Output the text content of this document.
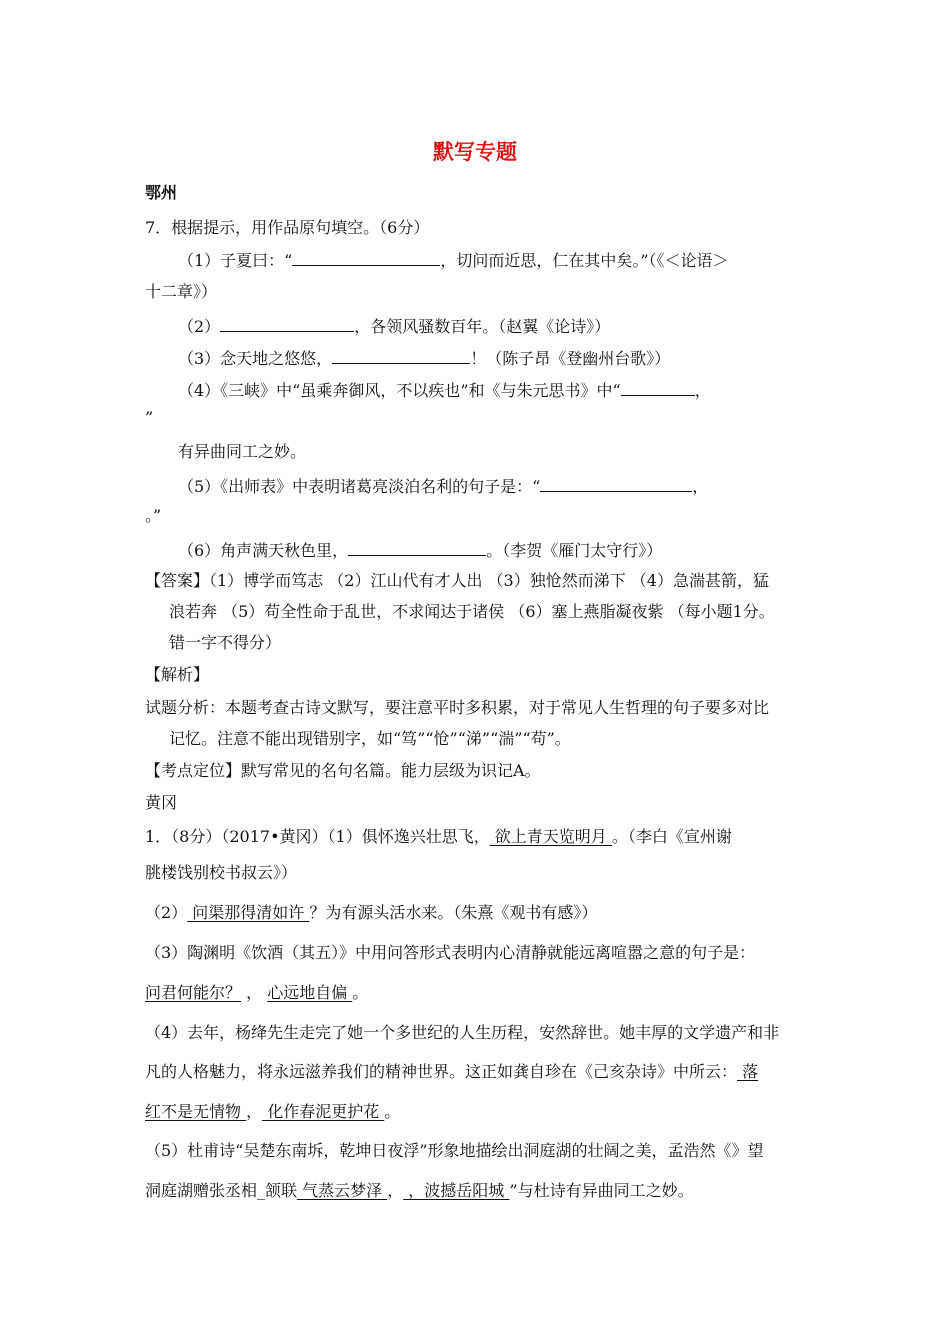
默写专题
鄂州
7．根据提示，用作品原句填空。（6分）
（1）子夏曰：“	，切问而近思，仁在其中矣。”（《＜论语＞
十二章》）
（2）	，各领风骚数百年。（赵翼《论诗》）
（3）念天地之悠悠，	！（陈子昂《登幽州台歌》）
（4）《三峡》中“虽乘奔御风，不以疾也”和《与朱元思书》中“	，
”
有异曲同工之妙。
（5）《出师表》中表明诸葛亮淡泊名利的句子是：“	，
。”
（6）角声满天秋色里，	。（李贺《雁门太守行》）
【答案】（1）博学而笃志 （2）江山代有才人出 （3）独怆然而涕下 （4）急湍甚箭，猛
浪若奔 （5）苟全性命于乱世，不求闻达于诸侯 （6）塞上燕脂凝夜紫 （每小题1分。
错一字不得分）
【解析】
试题分析：本题考查古诗文默写，要注意平时多积累，对于常见人生哲理的句子要多对比
记忆。注意不能出现错别字，如“笃”“怆”“涕”“湍”“苟”。
【考点定位】默写常见的名句名篇。能力层级为识记A。
黄冈
1．（8分）（2017•黄冈）（1）俱怀逸兴壮思飞， 欲上青天览明月 。（李白《宣州谢
朓楼饯别校书叔云》）
（2） 问渠那得清如许 ？为有源头活水来。（朱熹《观书有感》）
（3）陶渊明《饮酒（其五）》中用问答形式表明内心清静就能远离喧嚣之意的句子是：
问君何能尔？ ， 心远地自偏 。
（4）去年，杨绛先生走完了她一个多世纪的人生历程，安然辞世。她丰厚的文学遗产和非
凡的人格魅力，将永远滋养我们的精神世界。这正如龚自珍在《己亥杂诗》中所云： 落
红不是无情物 ， 化作春泥更护花 。
（5）杜甫诗“吴楚东南坼，乾坤日夜浮”形象地描绘出洞庭湖的壮阔之美，孟浩然《》望
洞庭湖赠张丞相_颔联 气蒸云梦泽 ， ，波撼岳阳城 ”与杜诗有异曲同工之妙。
